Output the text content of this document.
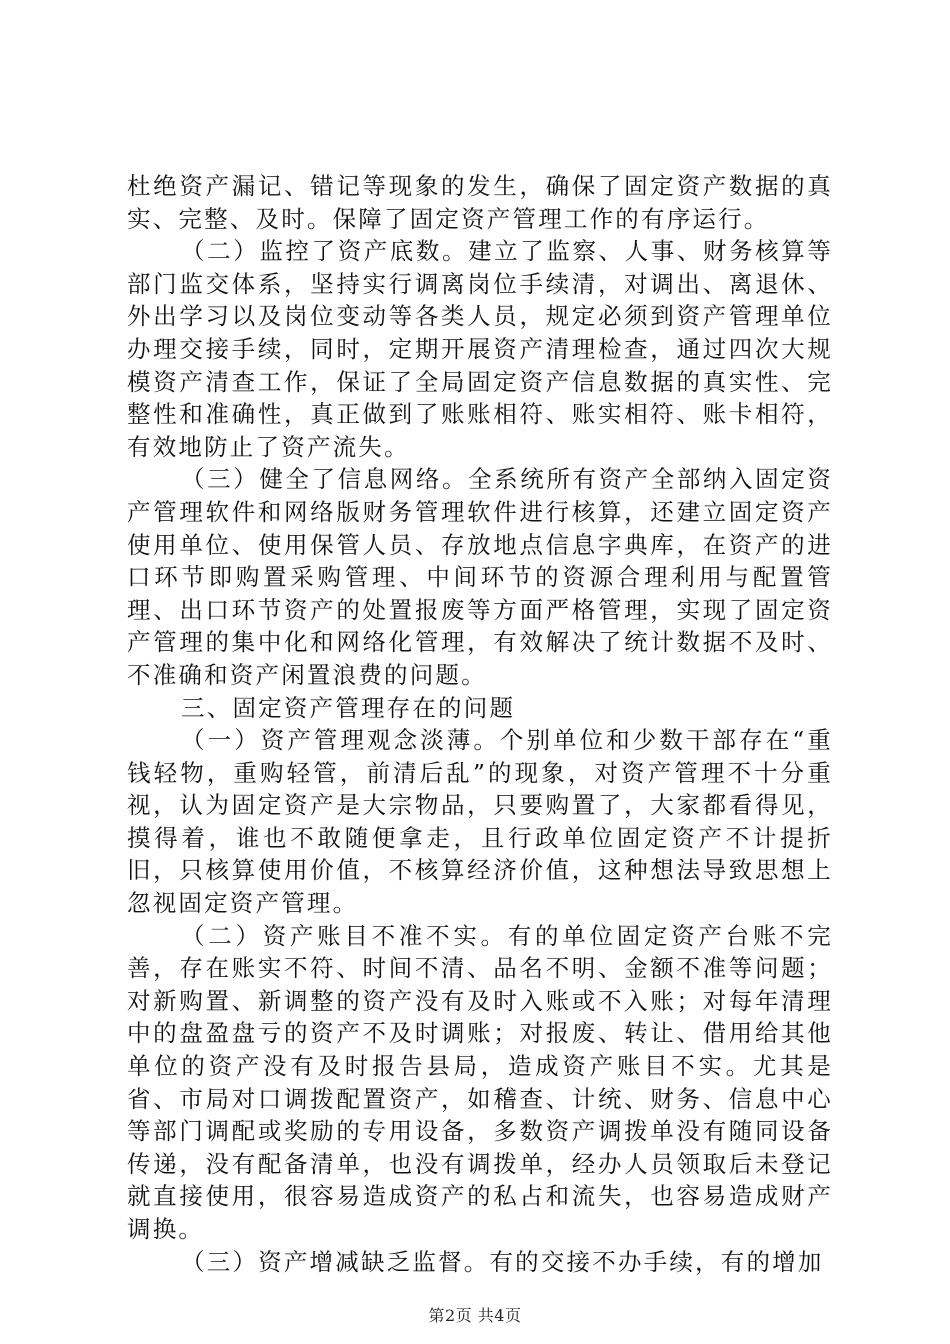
杜绝资产漏记、错记等现象的发生，确保了固定资产数据的真实、完整、及时。保障了固定资产管理工作的有序运行。

（二）监控了资产底数。建立了监察、人事、财务核算等部门监交体系，坚持实行调离岗位手续清，对调出、离退休、外出学习以及岗位变动等各类人员，规定必须到资产管理单位办理交接手续，同时，定期开展资产清理检查，通过四次大规模资产清查工作，保证了全局固定资产信息数据的真实性、完整性和准确性，真正做到了账账相符、账实相符、账卡相符，有效地防止了资产流失。

（三）健全了信息网络。全系统所有资产全部纳入固定资产管理软件和网络版财务管理软件进行核算，还建立固定资产使用单位、使用保管人员、存放地点信息字典库，在资产的进口环节即购置采购管理、中间环节的资源合理利用与配置管理、出口环节资产的处置报废等方面严格管理，实现了固定资产管理的集中化和网络化管理，有效解决了统计数据不及时、不准确和资产闲置浪费的问题。

三、固定资产管理存在的问题

（一）资产管理观念淡薄。个别单位和少数干部存在“重钱轻物，重购轻管，前清后乱”的现象，对资产管理不十分重视，认为固定资产是大宗物品，只要购置了，大家都看得见，摸得着，谁也不敢随便拿走，且行政单位固定资产不计提折旧，只核算使用价值，不核算经济价值，这种想法导致思想上忽视固定资产管理。

（二）资产账目不准不实。有的单位固定资产台账不完善，存在账实不符、时间不清、品名不明、金额不准等问题；对新购置、新调整的资产没有及时入账或不入账；对每年清理中的盘盈盘亏的资产不及时调账；对报废、转让、借用给其他单位的资产没有及时报告县局，造成资产账目不实。尤其是省、市局对口调拨配置资产，如稽查、计统、财务、信息中心等部门调配或奖励的专用设备，多数资产调拨单没有随同设备传递，没有配备清单，也没有调拨单，经办人员领取后未登记就直接使用，很容易造成资产的私占和流失，也容易造成财产调换。

（三）资产增减缺乏监督。有的交接不办手续，有的增加

第2页 共4页
